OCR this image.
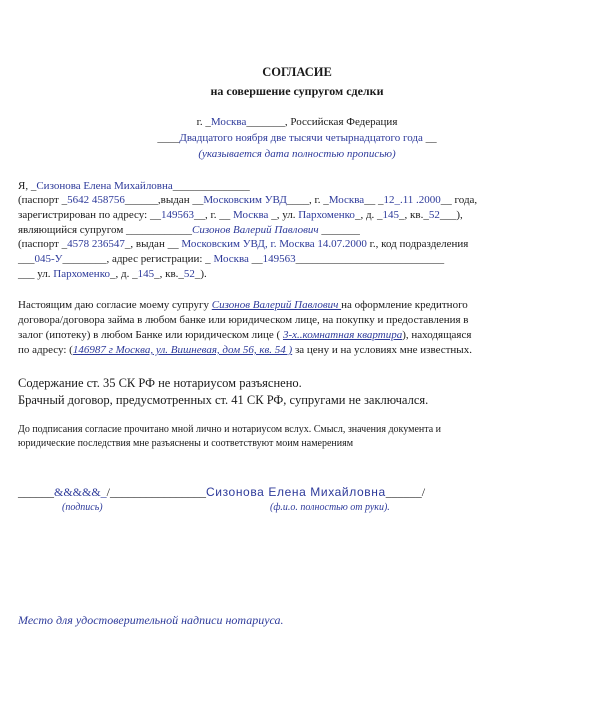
СОГЛАСИЕ
на совершение супругом сделки
г. _Москва_______, Российская Федерация
____Двадцатого ноября две тысячи четырнадцатого года __
(указывается дата полностью прописью)
Я, _Сизонова Елена Михайловна______________
(паспорт _5642 458756______,выдан __Московским УВД____, г. _Москва__ _12_.11 .2000__ года,
зарегистрирован по адресу: __149563__, г. __ Москва _, ул. Пархоменко_, д. _145_, кв._52___),
являющийся супругом ____________Сизонов Валерий Павлович _______
(паспорт _4578 236547_, выдан __ Московским УВД, г. Москва 14.07.2000 г., код подразделения
___045-У________, адрес регистрации: _ Москва __149563___________________________
___ ул. Пархоменко_, д. _145_, кв._52_).
Настоящим даю согласие моему супругу Сизонов Валерий Павлович на оформление кредитного
договора/договора займа в любом банке или юридическом лице, на покупку и предоставления в
залог (ипотеку) в любом Банке или юридическом лице ( 3-х..комнатная квартира), находящаяся
по адресу: (146987 г Москва, ул. Вишневая, дом 56, кв. 54 ) за цену и на условиях мне известных.
Содержание ст. 35 СК РФ не нотариусом разъяснено.
Брачный договор, предусмотренных ст. 41 СК РФ, супругами не заключался.
До подписания согласие прочитано мной лично и нотариусом вслух. Смысл, значения документа и
юридические последствия мне разъяснены и соответствуют моим намерениям
______&&&&&_/________________Сизонова Елена Михайловна______/
(подпись)	(ф.и.о. полностью от руки).
Место для удостоверительной надписи нотариуса.
